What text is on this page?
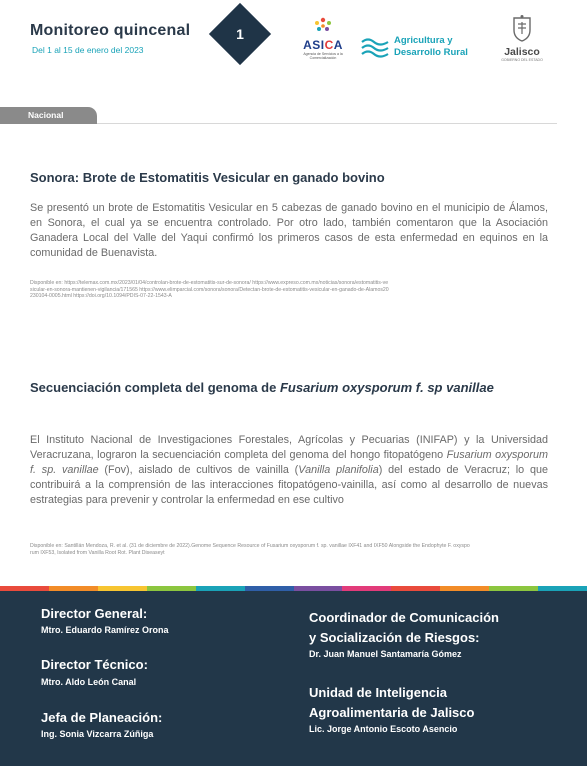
Monitoreo quincenal
Del 1 al 15 de enero del 2023
1
ASICA
Agencia de Servicios a la Comercialización
Agricultura y
Desarrollo Rural	Jalisco
GOBIERNO DEL ESTADO
Nacional
Sonora: Brote de Estomatitis Vesicular en ganado bovino
Se presentó un brote de Estomatitis Vesicular en 5 cabezas de ganado bovino en el municipio de Álamos, en Sonora, el cual ya se encuentra controlado. Por otro lado, también comentaron que la Asociación Ganadera Local del Valle del Yaqui confirmó los primeros casos de esta enfermedad en equinos en la comunidad de Buenavista.
Disponible en: https://telemax.com.mx/2023/01/04/controlan-brote-de-estomatitis-sur-de-sonora/ https://www.expreso.com.mx/noticias/sonora/estomatitis-vesicular-en-sonora-mantienen-vigilancia/171565 https://www.elimparcial.com/sonora/sonora/Detectan-brote-de-estomatitis-vesicular-en-ganado-de-Alamos20230104-0005.html https://doi.org/10.1094/PDIS-07-22-1543-A
Secuenciación completa del genoma de Fusarium oxysporum f. sp vanillae
El Instituto Nacional de Investigaciones Forestales, Agrícolas y Pecuarias (INIFAP) y la Universidad Veracruzana, lograron la secuenciación completa del genoma del hongo fitopatógeno Fusarium oxysporum f. sp. vanillae (Fov), aislado de cultivos de vainilla (Vanilla planifolia) del estado de Veracruz; lo que contribuirá a la comprensión de las interacciones fitopatógeno-vainilla, así como al desarrollo de nuevas estrategias para prevenir y controlar la enfermedad en ese cultivo
Disponible en: Santillán Mendoza, R. et al. (31 de diciembre de 2022).Genome Sequence Resource of Fusarium oxysporum f. sp. vanillae IXF41 and IXF50 Alongside the Endophyte F. oxysporum IXF53, Isolated from Vanilla Root Rot. Plant Diseaseyt
Director General:
Mtro. Eduardo Ramírez Orona
Director Técnico:
Mtro. Aldo León Canal
Jefa de Planeación:
Ing. Sonia Vizcarra Zúñiga
Coordinador de Comunicación
y Socialización de Riesgos:
Dr. Juan Manuel Santamaría Gómez
Unidad de Inteligencia
Agroalimentaria de Jalisco
Lic. Jorge Antonio Escoto Asencio
